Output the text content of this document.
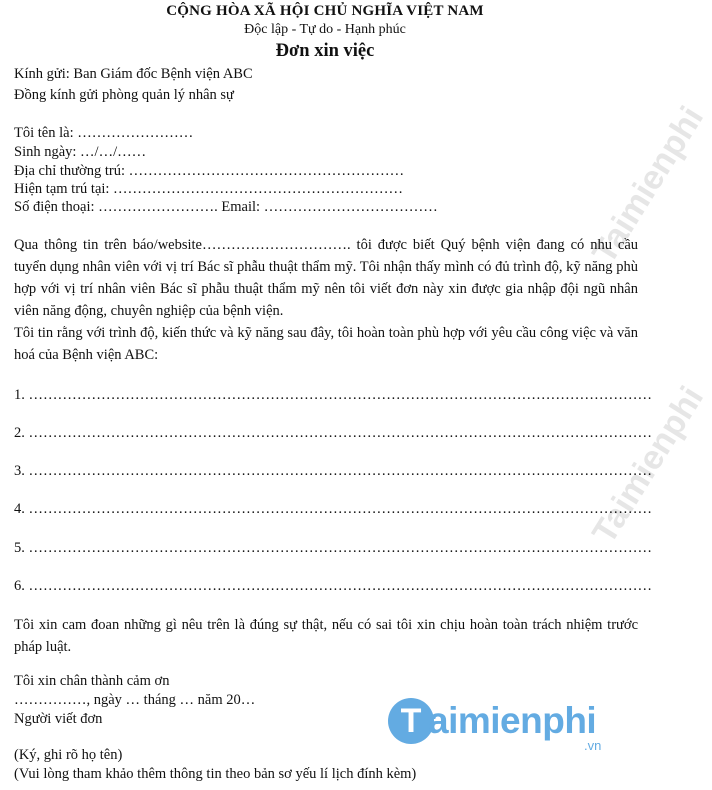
Taimienphi
Taimienphi
CỘNG HÒA XÃ HỘI CHỦ NGHĨA VIỆT NAM
Độc lập - Tự do - Hạnh phúc
Đơn xin việc
Kính gửi: Ban Giám đốc Bệnh viện ABC
Đồng kính gửi phòng quản lý nhân sự
Tôi tên là: ……………………
Sinh ngày: …/…/……
Địa chỉ thường trú: …………………………………………………
Hiện tạm trú tại: ……………………………………………………
Số điện thoại: ……………………. Email: ………………………………
Qua thông tin trên báo/website…………………………. tôi được biết Quý bệnh viện đang có nhu cầu tuyển dụng nhân viên với vị trí Bác sĩ phẫu thuật thẩm mỹ. Tôi nhận thấy mình có đủ trình độ, kỹ năng phù hợp với vị trí nhân viên Bác sĩ phẫu thuật thẩm mỹ nên tôi viết đơn này xin được gia nhập đội ngũ nhân viên năng động, chuyên nghiệp của bệnh viện.
Tôi tin rằng với trình độ, kiến thức và kỹ năng sau đây, tôi hoàn toàn phù hợp với yêu cầu công việc và văn hoá của Bệnh viện ABC:
1. …………………………………………………………………………………………………………………
2. …………………………………………………………………………………………………………………
3. …………………………………………………………………………………………………………………
4. …………………………………………………………………………………………………………………
5. …………………………………………………………………………………………………………………
6. …………………………………………………………………………………………………………………
Tôi xin cam đoan những gì nêu trên là đúng sự thật, nếu có sai tôi xin chịu hoàn toàn trách nhiệm trước pháp luật.
Tôi xin chân thành cảm ơn
……………, ngày … tháng … năm 20…
Người viết đơn
(Ký, ghi rõ họ tên)
(Vui lòng tham khảo thêm thông tin theo bản sơ yếu lí lịch đính kèm)
T aimienphi
.vn
